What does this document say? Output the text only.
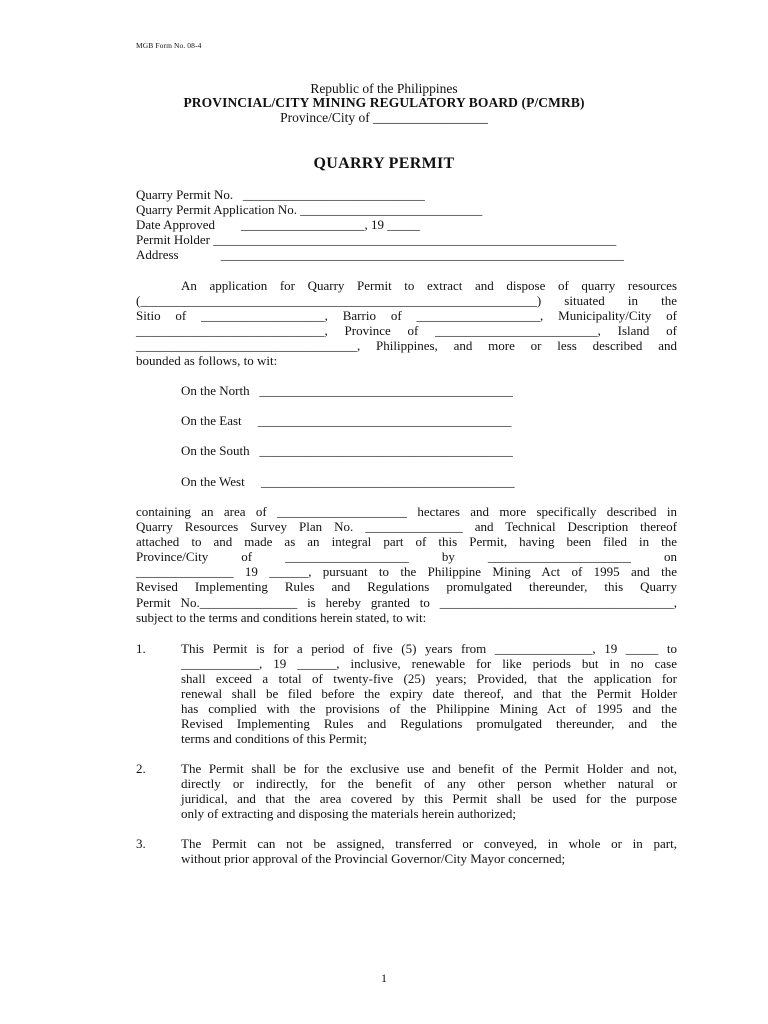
MGB Form No. 08-4
Republic of the Philippines
PROVINCIAL/CITY MINING REGULATORY BOARD (P/CMRB)
Province/City of _________________
QUARRY PERMIT
Quarry Permit No.   ____________________________
Quarry Permit Application No. ____________________________
Date Approved        ___________________, 19 _____
Permit Holder ______________________________________________________________
Address             ______________________________________________________________
An application for Quarry Permit to extract and dispose of quarry resources
(_____________________________________________________________) situated in the
Sitio of ___________________, Barrio of ___________________, Municipality/City of
_____________________________, Province of _________________________, Island of
__________________________________, Philippines, and more or less described and
bounded as follows, to wit:
On the North   _______________________________________
On the East     _______________________________________
On the South   _______________________________________
On the West     _______________________________________
containing an area of ____________________ hectares and more specifically described in
Quarry Resources Survey Plan No. _______________ and Technical Description thereof
attached to and made as an integral part of this Permit, having been filed in the
Province/City of ___________________ by ______________________ on
_______________ 19 ______, pursuant to the Philippine Mining Act of 1995 and the
Revised Implementing Rules and Regulations promulgated thereunder, this Quarry
Permit No._______________ is hereby granted to ____________________________________,
subject to the terms and conditions herein stated, to wit:
1.	This Permit is for a period of five (5) years from _______________, 19 _____ to
____________, 19 ______, inclusive, renewable for like periods but in no case
shall exceed a total of twenty-five (25) years; Provided, that the application for
renewal shall be filed before the expiry date thereof, and that the Permit Holder
has complied with the provisions of the Philippine Mining Act of 1995 and the
Revised Implementing Rules and Regulations promulgated thereunder, and the
terms and conditions of this Permit;
2.	The Permit shall be for the exclusive use and benefit of the Permit Holder and not,
directly or indirectly, for the benefit of any other person whether natural or
juridical, and that the area covered by this Permit shall be used for the purpose
only of extracting and disposing the materials herein authorized;
3.	The Permit can not be assigned, transferred or conveyed, in whole or in part,
without prior approval of the Provincial Governor/City Mayor concerned;
1
